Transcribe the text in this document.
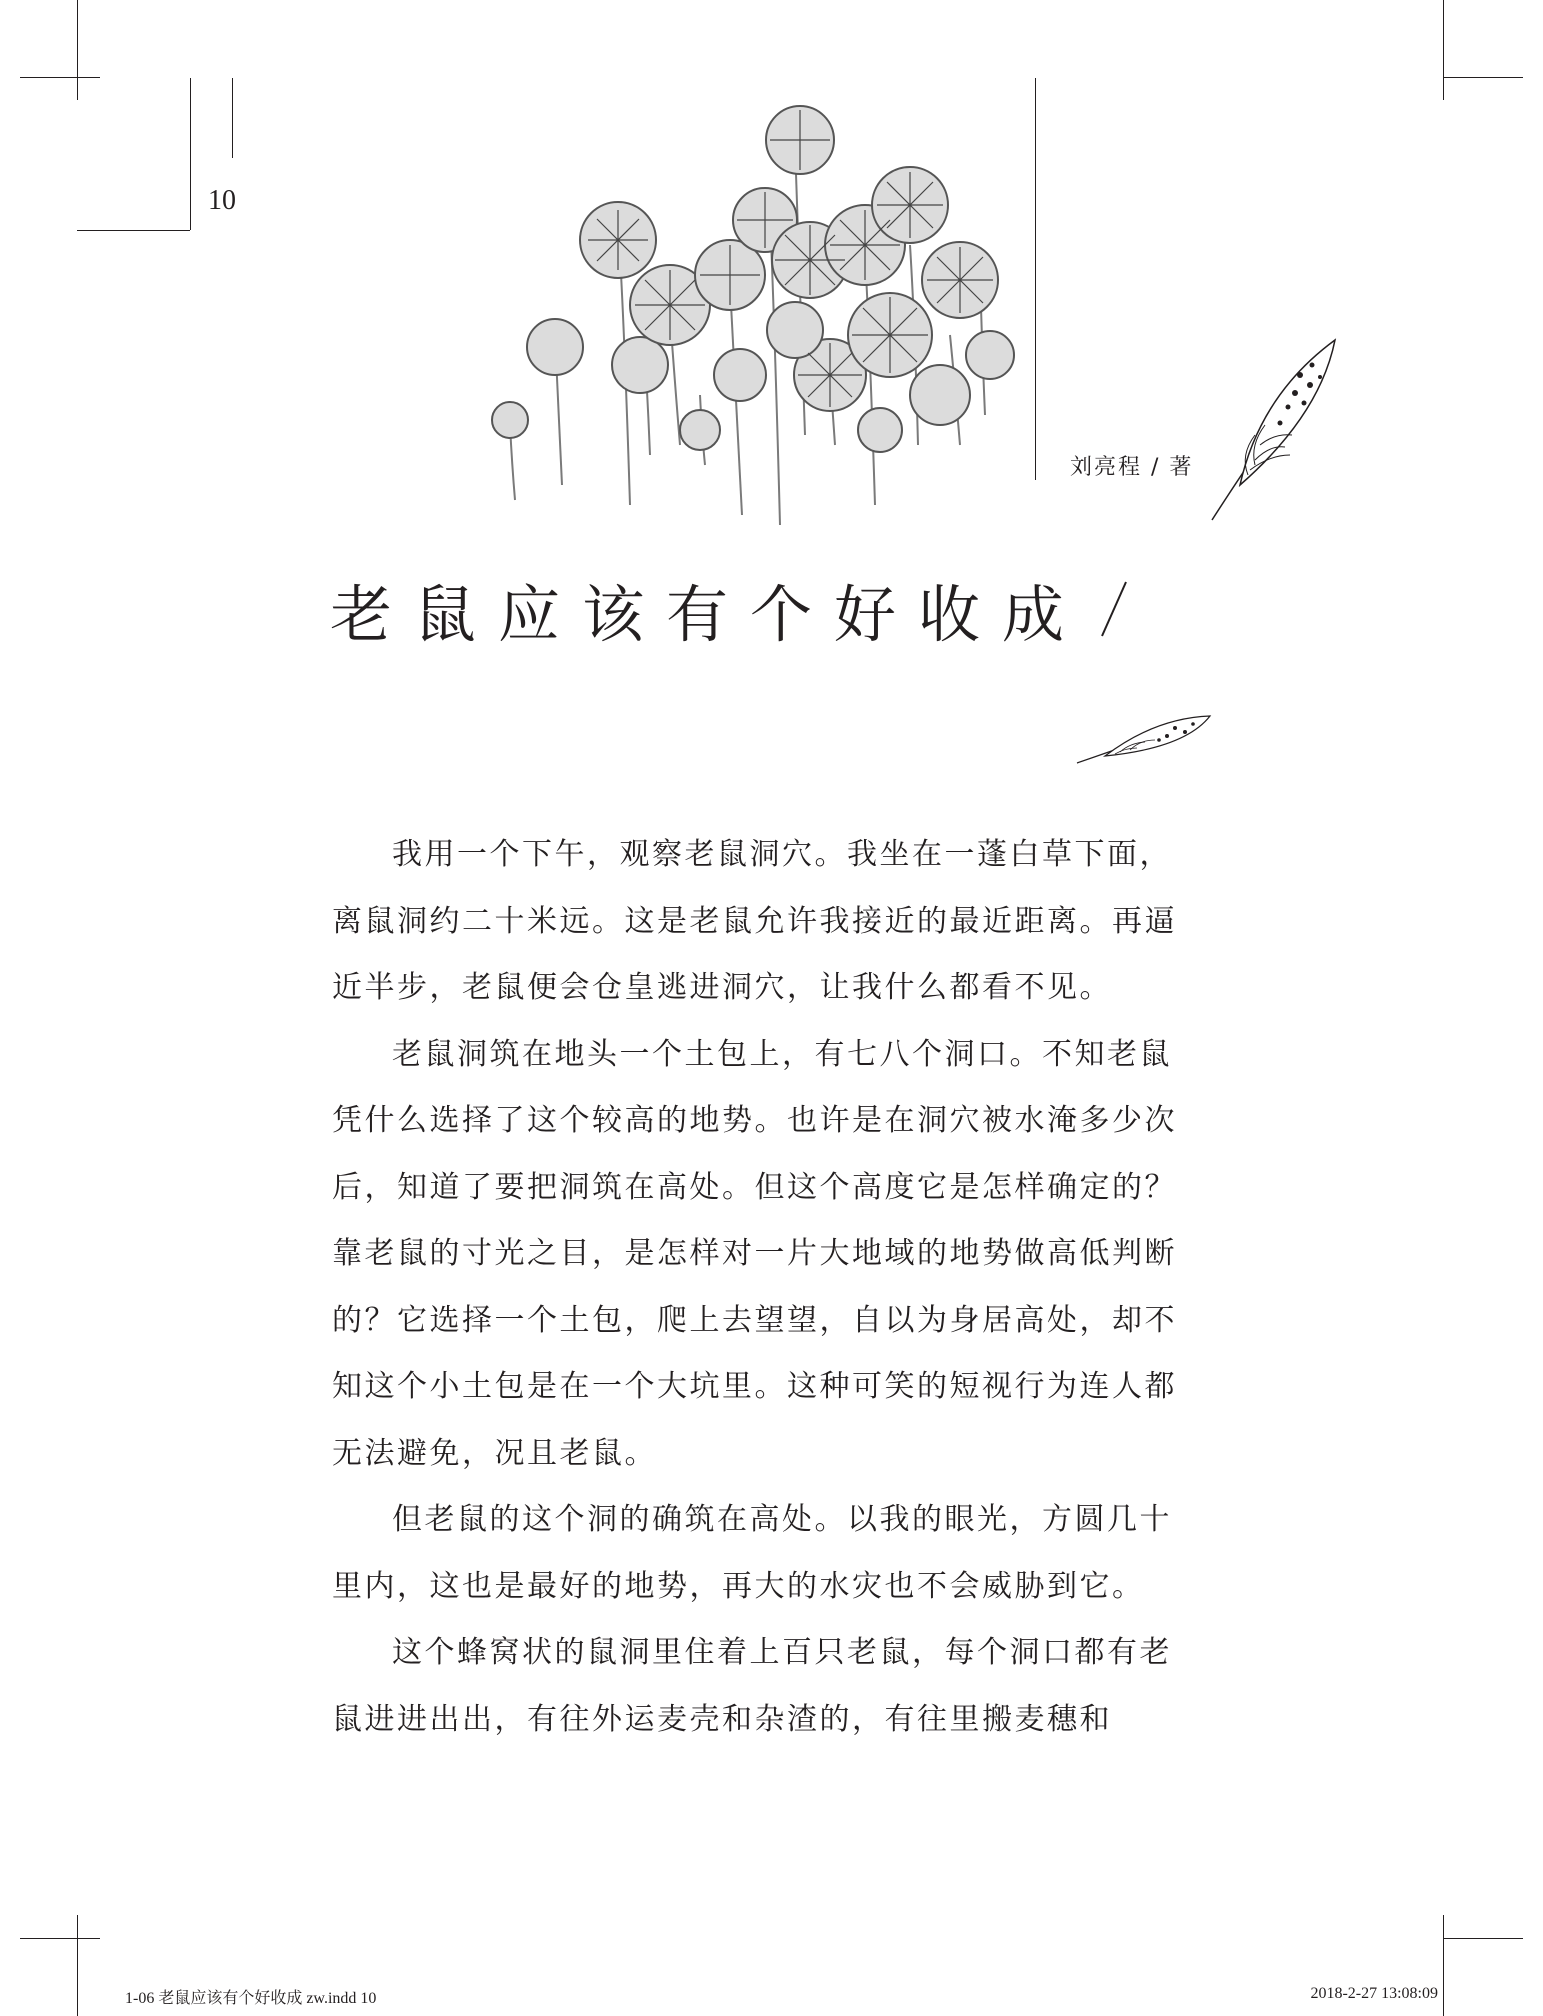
10
刘亮程 / 著
老鼠应该有个好收成

我用一个下午，观察老鼠洞穴。我坐在一蓬白草下面，离鼠洞约二十米远。这是老鼠允许我接近的最近距离。再逼近半步，老鼠便会仓皇逃进洞穴，让我什么都看不见。

老鼠洞筑在地头一个土包上，有七八个洞口。不知老鼠凭什么选择了这个较高的地势。也许是在洞穴被水淹多少次后，知道了要把洞筑在高处。但这个高度它是怎样确定的？靠老鼠的寸光之目，是怎样对一片大地域的地势做高低判断的？它选择一个土包，爬上去望望，自以为身居高处，却不知这个小土包是在一个大坑里。这种可笑的短视行为连人都无法避免，况且老鼠。

但老鼠的这个洞的确筑在高处。以我的眼光，方圆几十里内，这也是最好的地势，再大的水灾也不会威胁到它。

这个蜂窝状的鼠洞里住着上百只老鼠，每个洞口都有老鼠进进出出，有往外运麦壳和杂渣的，有往里搬麦穗和

1-06 老鼠应该有个好收成 zw.indd 10	2018-2-27 13:08:09
